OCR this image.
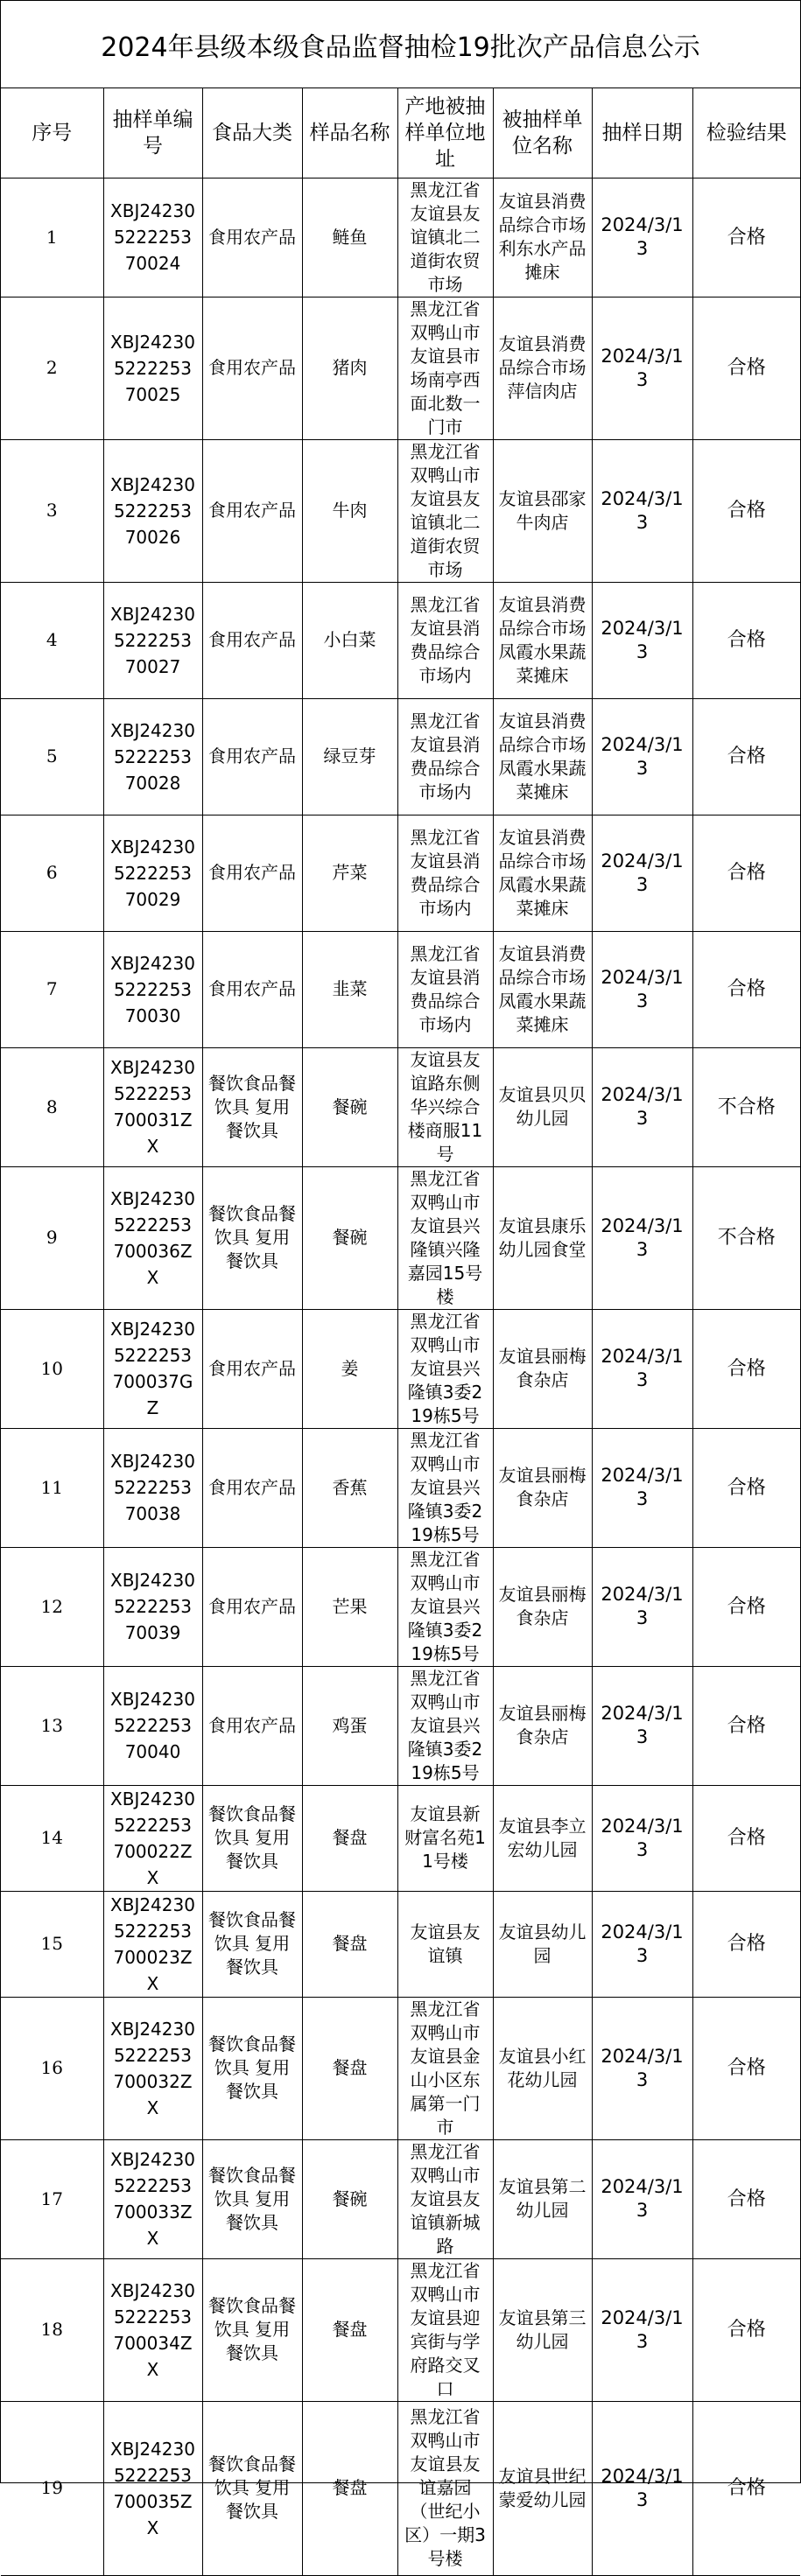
2024年县级本级食品监督抽检19批次产品信息公示
序号	抽样单编号	食品大类	样品名称	产地被抽样单位地址	被抽样单位名称	抽样日期	检验结果
1	XBJ24230522225370024	食用农产品	鲢鱼	黑龙江省友谊县友谊镇北二道街农贸市场	友谊县消费品综合市场利东水产品摊床	2024/3/13	合格
2	XBJ24230522225370025	食用农产品	猪肉	黑龙江省双鸭山市友谊县市场南亭西面北数一门市	友谊县消费品综合市场萍信肉店	2024/3/13	合格
3	XBJ24230522225370026	食用农产品	牛肉	黑龙江省双鸭山市友谊县友谊镇北二道街农贸市场	友谊县邵家牛肉店	2024/3/13	合格
4	XBJ24230522225370027	食用农产品	小白菜	黑龙江省友谊县消费品综合市场内	友谊县消费品综合市场凤霞水果蔬菜摊床	2024/3/13	合格
5	XBJ24230522225370028	食用农产品	绿豆芽	黑龙江省友谊县消费品综合市场内	友谊县消费品综合市场凤霞水果蔬菜摊床	2024/3/13	合格
6	XBJ24230522225370029	食用农产品	芹菜	黑龙江省友谊县消费品综合市场内	友谊县消费品综合市场凤霞水果蔬菜摊床	2024/3/13	合格
7	XBJ24230522225370030	食用农产品	韭菜	黑龙江省友谊县消费品综合市场内	友谊县消费品综合市场凤霞水果蔬菜摊床	2024/3/13	合格
8	XBJ242305222253700031ZX	餐饮食品餐饮具 复用餐饮具	餐碗	友谊县友谊路东侧华兴综合楼商服11号	友谊县贝贝幼儿园	2024/3/13	不合格
9	XBJ242305222253700036ZX	餐饮食品餐饮具 复用餐饮具	餐碗	黑龙江省双鸭山市友谊县兴隆镇兴隆嘉园15号楼	友谊县康乐幼儿园食堂	2024/3/13	不合格
10	XBJ242305222253700037GZ	食用农产品	姜	黑龙江省双鸭山市友谊县兴隆镇3委219栋5号	友谊县丽梅食杂店	2024/3/13	合格
11	XBJ24230522225370038	食用农产品	香蕉	黑龙江省双鸭山市友谊县兴隆镇3委219栋5号	友谊县丽梅食杂店	2024/3/13	合格
12	XBJ24230522225370039	食用农产品	芒果	黑龙江省双鸭山市友谊县兴隆镇3委219栋5号	友谊县丽梅食杂店	2024/3/13	合格
13	XBJ24230522225370040	食用农产品	鸡蛋	黑龙江省双鸭山市友谊县兴隆镇3委219栋5号	友谊县丽梅食杂店	2024/3/13	合格
14	XBJ242305222253700022ZX	餐饮食品餐饮具 复用餐饮具	餐盘	友谊县新财富名苑11号楼	友谊县李立宏幼儿园	2024/3/13	合格
15	XBJ242305222253700023ZX	餐饮食品餐饮具 复用餐饮具	餐盘	友谊县友谊镇	友谊县幼儿园	2024/3/13	合格
16	XBJ242305222253700032ZX	餐饮食品餐饮具 复用餐饮具	餐盘	黑龙江省双鸭山市友谊县金山小区东属第一门市	友谊县小红花幼儿园	2024/3/13	合格
17	XBJ242305222253700033ZX	餐饮食品餐饮具 复用餐饮具	餐碗	黑龙江省双鸭山市友谊县友谊镇新城路	友谊县第二幼儿园	2024/3/13	合格
18	XBJ242305222253700034ZX	餐饮食品餐饮具 复用餐饮具	餐盘	黑龙江省双鸭山市友谊县迎宾街与学府路交叉口	友谊县第三幼儿园	2024/3/13	合格
19	XBJ242305222253700035ZX	餐饮食品餐饮具 复用餐饮具	餐盘	黑龙江省双鸭山市友谊县友谊嘉园（世纪小区）一期3号楼	友谊县世纪蒙爱幼儿园	2024/3/13	合格
